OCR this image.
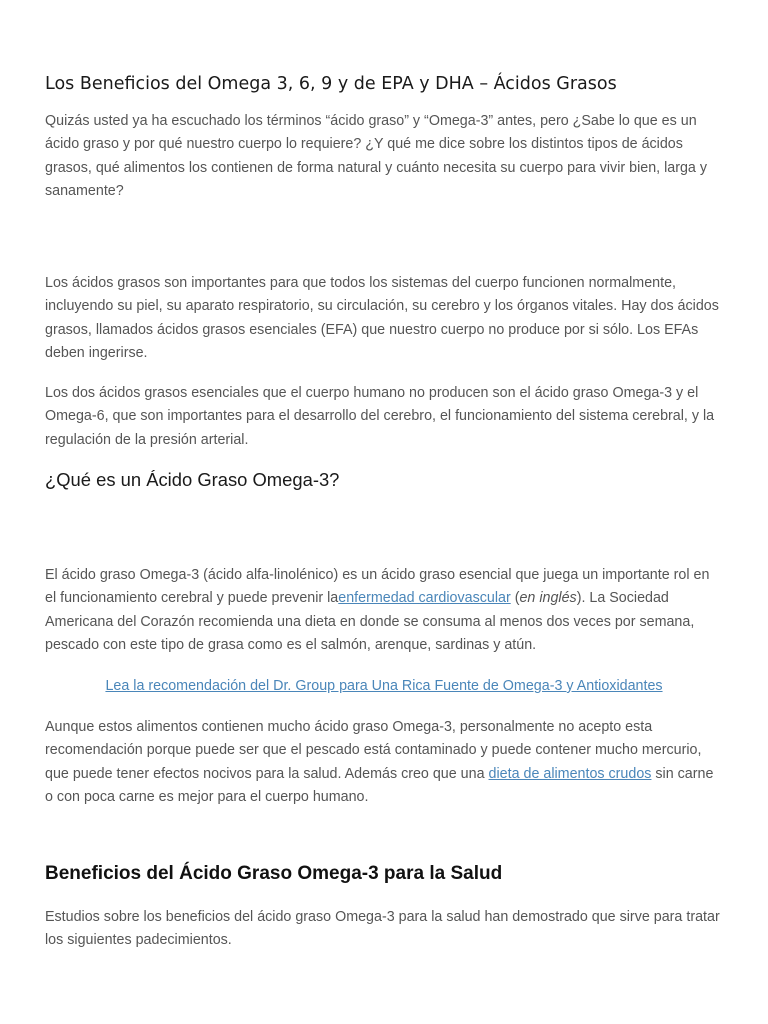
Los Beneficios del Omega 3, 6, 9 y de EPA y DHA – Ácidos Grasos

Quizás usted ya ha escuchado los términos “ácido graso” y “Omega-3” antes, pero ¿Sabe lo que es un ácido graso y por qué nuestro cuerpo lo requiere? ¿Y qué me dice sobre los distintos tipos de ácidos grasos, qué alimentos los contienen de forma natural y cuánto necesita su cuerpo para vivir bien, larga y sanamente?

Los ácidos grasos son importantes para que todos los sistemas del cuerpo funcionen normalmente, incluyendo su piel, su aparato respiratorio, su circulación, su cerebro y los órganos vitales. Hay dos ácidos grasos, llamados ácidos grasos esenciales (EFA) que nuestro cuerpo no produce por si sólo. Los EFAs deben ingerirse.

Los dos ácidos grasos esenciales que el cuerpo humano no producen son el ácido graso Omega-3 y el Omega-6, que son importantes para el desarrollo del cerebro, el funcionamiento del sistema cerebral, y la regulación de la presión arterial.

¿Qué es un Ácido Graso Omega-3?

El ácido graso Omega-3 (ácido alfa-linolénico) es un ácido graso esencial que juega un importante rol en el funcionamiento cerebral y puede prevenir laenfermedad cardiovascular (en inglés). La Sociedad Americana del Corazón recomienda una dieta en donde se consuma al menos dos veces por semana, pescado con este tipo de grasa como es el salmón, arenque, sardinas y atún.

Lea la recomendación del Dr. Group para Una Rica Fuente de Omega-3 y Antioxidantes

Aunque estos alimentos contienen mucho ácido graso Omega-3, personalmente no acepto esta recomendación porque puede ser que el pescado está contaminado y puede contener mucho mercurio, que puede tener efectos nocivos para la salud. Además creo que una dieta de alimentos crudos sin carne o con poca carne es mejor para el cuerpo humano.

Beneficios del Ácido Graso Omega-3 para la Salud

Estudios sobre los beneficios del ácido graso Omega-3 para la salud han demostrado que sirve para tratar los siguientes padecimientos.
